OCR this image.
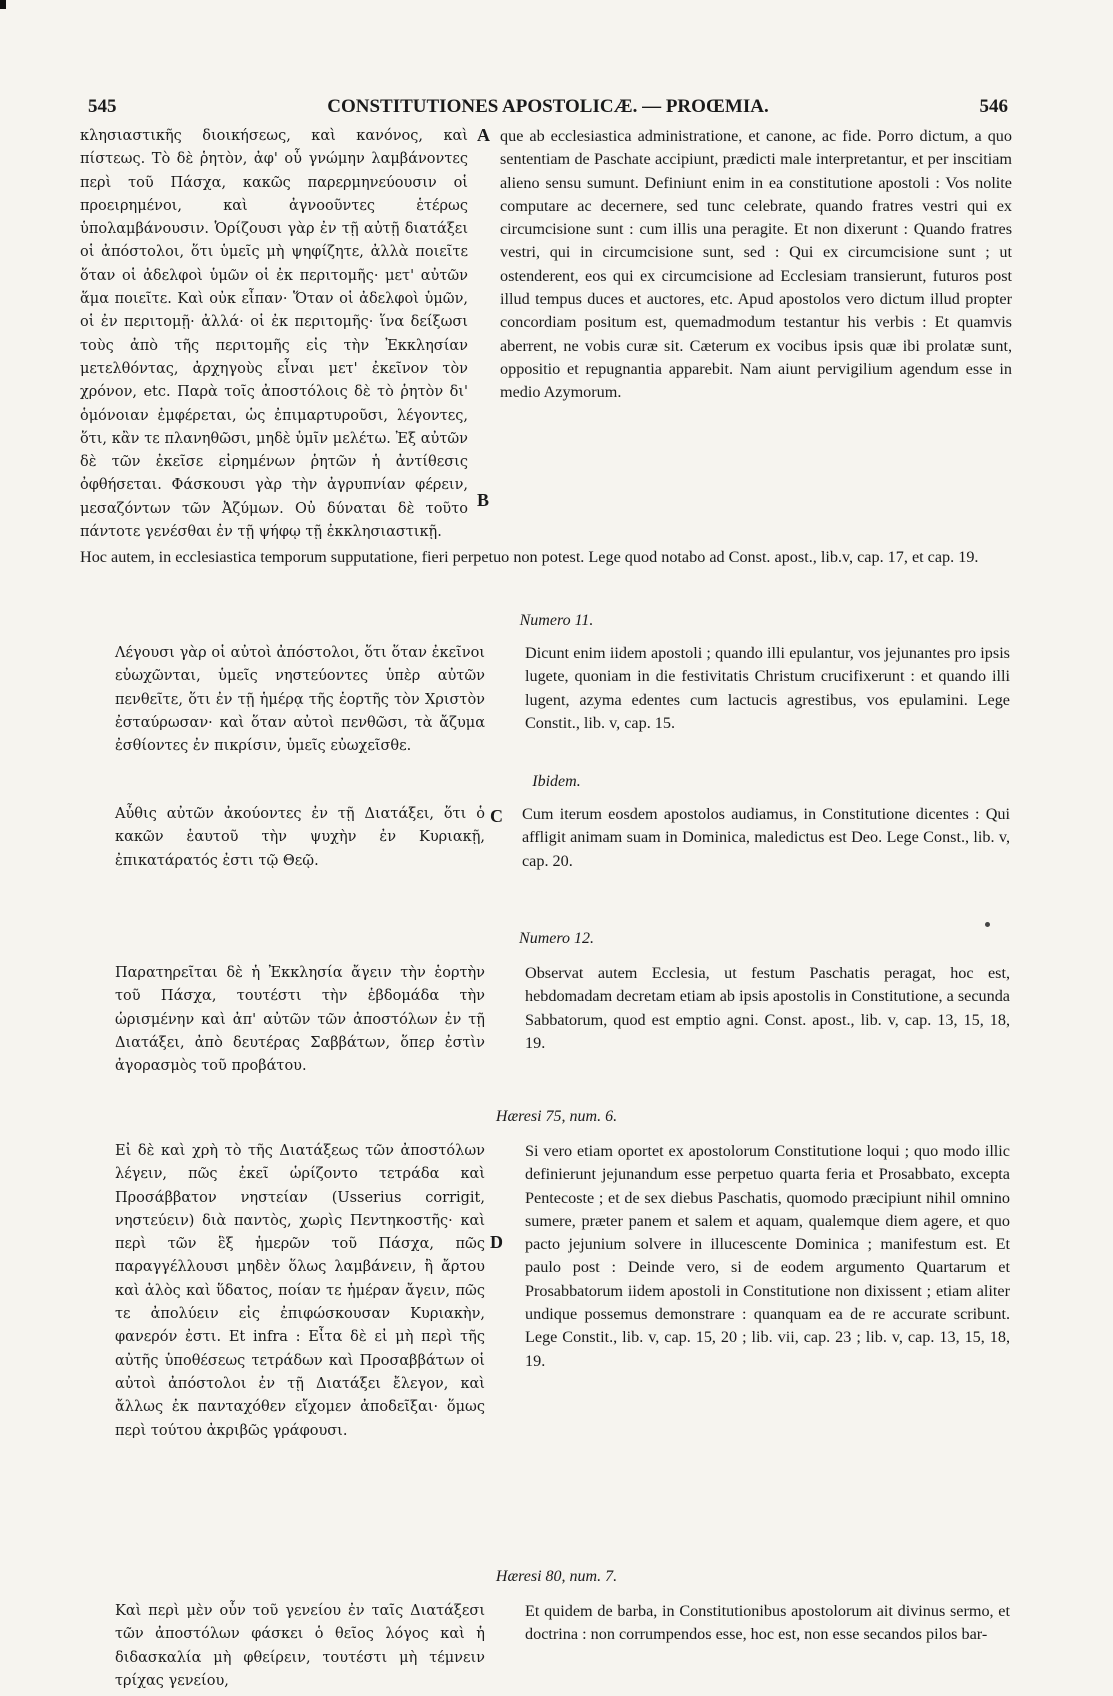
545	CONSTITUTIONES APOSTOLICÆ. — PROŒMIA.	546
κλησιαστικῆς διοικήσεως, καὶ κανόνος, καὶ πίστεως. Τὸ δὲ ῥητὸν, ἀφ' οὗ γνώμην λαμβάνοντες περὶ τοῦ Πάσχα, κακῶς παρερμηνεύουσιν οἱ προειρημένοι, καὶ ἀγνοοῦντες ἑτέρως ὑπολαμβάνουσιν. Ὁρίζουσι γὰρ ἐν τῇ αὐτῇ διατάξει οἱ ἀπόστολοι, ὅτι ὑμεῖς μὴ ψηφίζητε, ἀλλὰ ποιεῖτε ὅταν οἱ ἀδελφοὶ ὑμῶν οἱ ἐκ περιτομῆς· μετ' αὐτῶν ἅμα ποιεῖτε. Καὶ οὐκ εἶπαν· Ὅταν οἱ ἀδελφοὶ ὑμῶν, οἱ ἐν περιτομῇ· ἀλλά· οἱ ἐκ περιτομῆς· ἵνα δείξωσι τοὺς ἀπὸ τῆς περιτομῆς εἰς τὴν Ἐκκλησίαν μετελθόντας, ἀρχηγοὺς εἶναι μετ' ἐκεῖνον τὸν χρόνον, etc. Παρὰ τοῖς ἀποστόλοις δὲ τὸ ῥητὸν δι' ὁμόνοιαν ἐμφέρεται, ὡς ἐπιμαρτυροῦσι, λέγοντες, ὅτι, κἂν τε πλανηθῶσι, μηδὲ ὑμῖν μελέτω. Ἐξ αὐτῶν δὲ τῶν ἐκεῖσε εἰρημένων ῥητῶν ἡ ἀντίθεσις ὀφθήσεται. Φάσκουσι γὰρ τὴν ἀγρυπνίαν φέρειν, μεσαζόντων τῶν Ἀζύμων. Οὐ δύναται δὲ τοῦτο πάντοτε γενέσθαι ἐν τῇ ψήφῳ τῇ ἐκκλησιαστικῇ.
que ab ecclesiastica administratione, et canone, ac fide. Porro dictum, a quo sententiam de Paschate accipiunt, prædicti male interpretantur, et per inscitiam alieno sensu sumunt. Definiunt enim in ea constitutione apostoli : Vos nolite computare ac decernere, sed tunc celebrate, quando fratres vestri qui ex circumcisione sunt : cum illis una peragite. Et non dixerunt : Quando fratres vestri, qui in circumcisione sunt, sed : Qui ex circumcisione sunt ; ut ostenderent, eos qui ex circumcisione ad Ecclesiam transierunt, futuros post illud tempus duces et auctores, etc. Apud apostolos vero dictum illud propter concordiam positum est, quemadmodum testantur his verbis : Et quamvis aberrent, ne vobis curæ sit. Cæterum ex vocibus ipsis quæ ibi prolatæ sunt, oppositio et repugnantia apparebit. Nam aiunt pervigilium agendum esse in medio Azymorum.
A
B
Hoc autem, in ecclesiastica temporum supputatione, fieri perpetuo non potest. Lege quod notabo ad Const. apost., lib.v, cap. 17, et cap. 19.
Numero 11.
Λέγουσι γὰρ οἱ αὐτοὶ ἀπόστολοι, ὅτι ὅταν ἐκεῖνοι εὐωχῶνται, ὑμεῖς νηστεύοντες ὑπὲρ αὐτῶν πενθεῖτε, ὅτι ἐν τῇ ἡμέρᾳ τῆς ἑορτῆς τὸν Χριστὸν ἐσταύρωσαν· καὶ ὅταν αὐτοὶ πενθῶσι, τὰ ἄζυμα ἐσθίοντες ἐν πικρίσιν, ὑμεῖς εὐωχεῖσθε.
Dicunt enim iidem apostoli ; quando illi epulantur, vos jejunantes pro ipsis lugete, quoniam in die festivitatis Christum crucifixerunt : et quando illi lugent, azyma edentes cum lactucis agrestibus, vos epulamini. Lege Constit., lib. v, cap. 15.
Ibidem.
Αὖθις αὐτῶν ἀκούοντες ἐν τῇ Διατάξει, ὅτι ὁ κακῶν ἑαυτοῦ τὴν ψυχὴν ἐν Κυριακῇ, ἐπικατάρατός ἐστι τῷ Θεῷ.
C Cum iterum eosdem apostolos audiamus, in Constitutione dicentes : Qui affligit animam suam in Dominica, maledictus est Deo. Lege Const., lib. v, cap. 20.
Numero 12.
Παρατηρεῖται δὲ ἡ Ἐκκλησία ἄγειν τὴν ἑορτὴν τοῦ Πάσχα, τουτέστι τὴν ἑβδομάδα τὴν ὡρισμένην καὶ ἀπ' αὐτῶν τῶν ἀποστόλων ἐν τῇ Διατάξει, ἀπὸ δευτέρας Σαββάτων, ὅπερ ἐστὶν ἀγορασμὸς τοῦ προβάτου.
Observat autem Ecclesia, ut festum Paschatis peragat, hoc est, hebdomadam decretam etiam ab ipsis apostolis in Constitutione, a secunda Sabbatorum, quod est emptio agni. Const. apost., lib. v, cap. 13, 15, 18, 19.
Hæresi 75, num. 6.
Εἰ δὲ καὶ χρὴ τὸ τῆς Διατάξεως τῶν ἀποστόλων λέγειν, πῶς ἐκεῖ ὡρίζοντο τετράδα καὶ Προσάββατον νηστείαν (Usserius corrigit, νηστεύειν) διὰ παντὸς, χωρὶς Πεντηκοστῆς· καὶ περὶ τῶν ἓξ ἡμερῶν τοῦ Πάσχα, πῶς παραγγέλλουσι μηδὲν ὅλως λαμβάνειν, ἢ ἄρτου καὶ ἁλὸς καὶ ὕδατος, ποίαν τε ἡμέραν ἄγειν, πῶς τε ἀπολύειν εἰς ἐπιφώσκουσαν Κυριακὴν, φανερόν ἐστι. Et infra : Εἶτα δὲ εἰ μὴ περὶ τῆς αὐτῆς ὑποθέσεως τετράδων καὶ Προσαββάτων οἱ αὐτοὶ ἀπόστολοι ἐν τῇ Διατάξει ἔλεγον, καὶ ἄλλως ἐκ πανταχόθεν εἴχομεν ἀποδεῖξαι· ὅμως περὶ τούτου ἀκριβῶς γράφουσι.
D
Si vero etiam oportet ex apostolorum Constitutione loqui ; quo modo illic definierunt jejunandum esse perpetuo quarta feria et Prosabbato, excepta Pentecoste ; et de sex diebus Paschatis, quomodo præcipiunt nihil omnino sumere, præter panem et salem et aquam, qualemque diem agere, et quo pacto jejunium solvere in illucescente Dominica ; manifestum est. Et paulo post : Deinde vero, si de eodem argumento Quartarum et Prosabbatorum iidem apostoli in Constitutione non dixissent ; etiam aliter undique possemus demonstrare : quanquam ea de re accurate scribunt. Lege Constit., lib. v, cap. 15, 20 ; lib. vii, cap. 23 ; lib. v, cap. 13, 15, 18, 19.
Hæresi 80, num. 7.
Καὶ περὶ μὲν οὖν τοῦ γενείου ἐν ταῖς Διατάξεσι τῶν ἀποστόλων φάσκει ὁ θεῖος λόγος καὶ ἡ διδασκαλία μὴ φθείρειν, τουτέστι μὴ τέμνειν τρίχας γενείου,
Et quidem de barba, in Constitutionibus apostolorum ait divinus sermo, et doctrina : non corrumpendos esse, hoc est, non esse secandos pilos bar-
